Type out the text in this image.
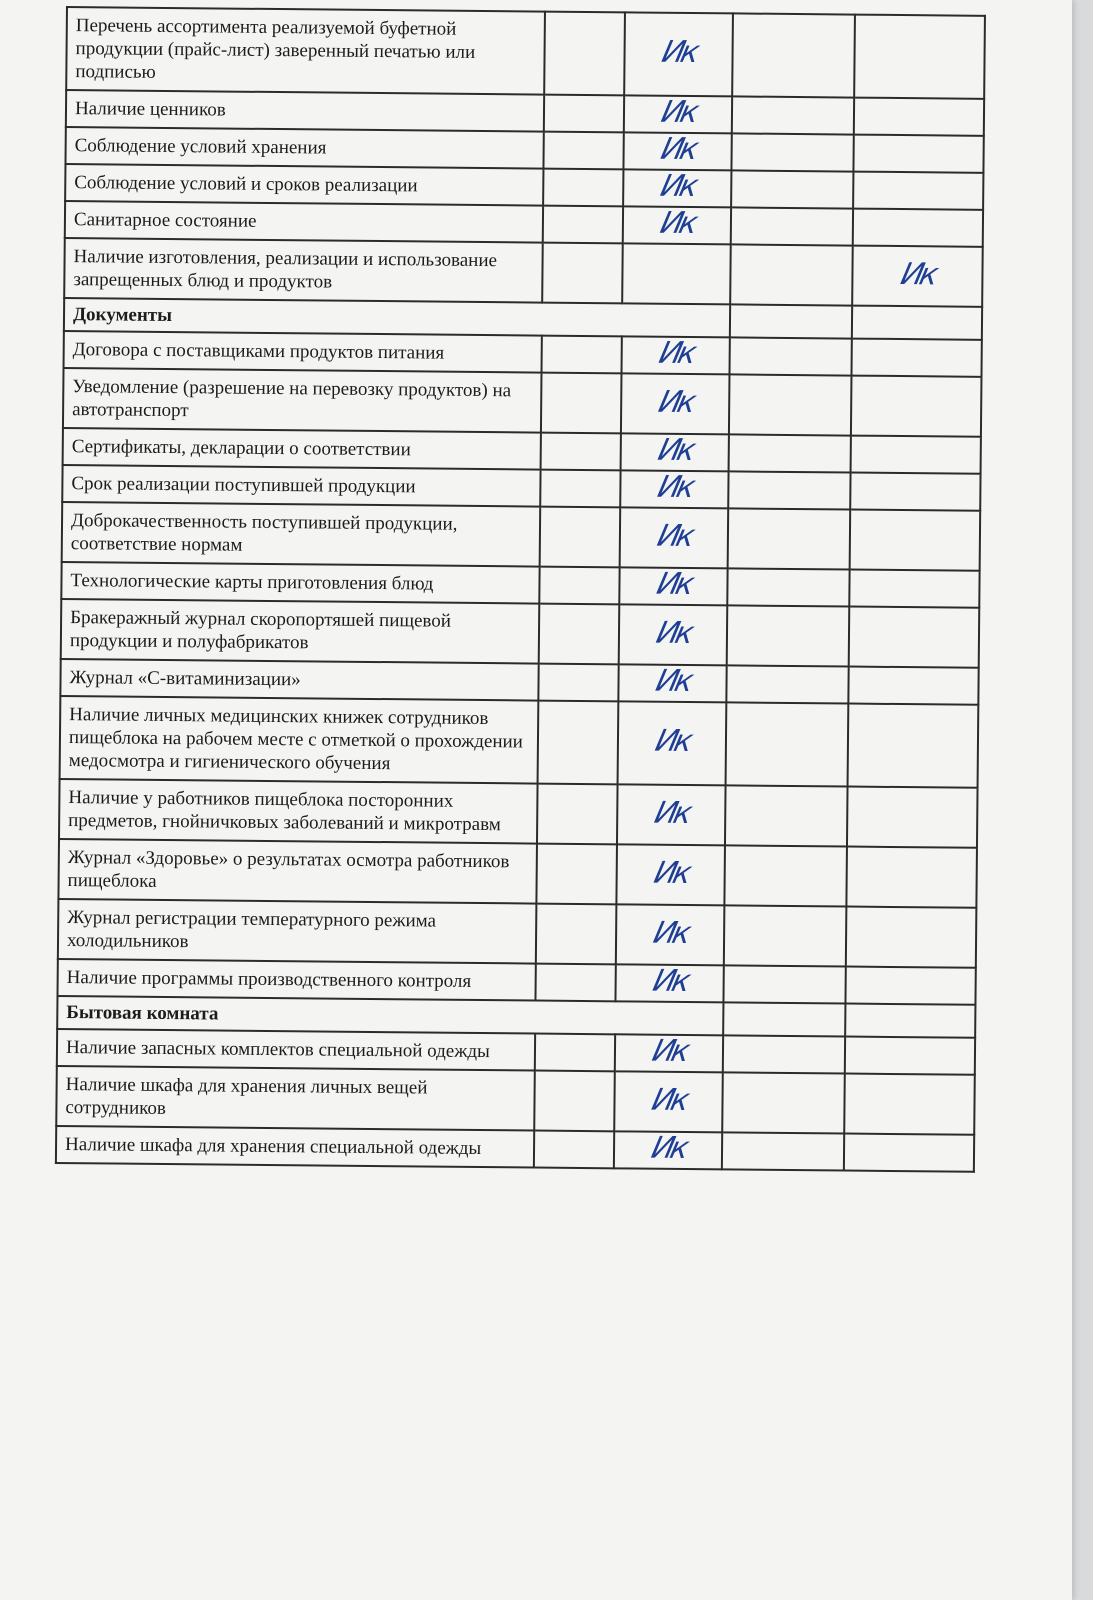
Перечень ассортимента реализуемой буфетной продукции (прайс-лист) заверенный печатью или подписью		Ик		
Наличие ценников		Ик		
Соблюдение условий хранения		Ик		
Соблюдение условий и сроков реализации		Ик		
Санитарное состояние		Ик		
Наличие изготовления, реализации и использование запрещенных блюд и продуктов				Ик
Документы				
Договора с поставщиками продуктов питания		Ик		
Уведомление (разрешение на перевозку продуктов) на автотранспорт		Ик		
Сертификаты, декларации о соответствии		Ик		
Срок реализации поступившей продукции		Ик		
Доброкачественность поступившей продукции, соответствие нормам		Ик		
Технологические карты приготовления блюд		Ик		
Бракеражный журнал скоропортяшей пищевой продукции и полуфабрикатов		Ик		
Журнал «С-витаминизации»		Ик		
Наличие личных медицинских книжек сотрудников пищеблока на рабочем месте с отметкой о прохождении медосмотра и гигиенического обучения		Ик		
Наличие у работников пищеблока посторонних предметов, гнойничковых заболеваний и микротравм		Ик		
Журнал «Здоровье» о результатах осмотра работников пищеблока		Ик		
Журнал регистрации температурного режима холодильников		Ик		
Наличие программы производственного контроля		Ик		
Бытовая комната				
Наличие запасных комплектов специальной одежды		Ик		
Наличие шкафа для хранения личных вещей сотрудников		Ик		
Наличие шкафа для хранения специальной одежды		Ик		
